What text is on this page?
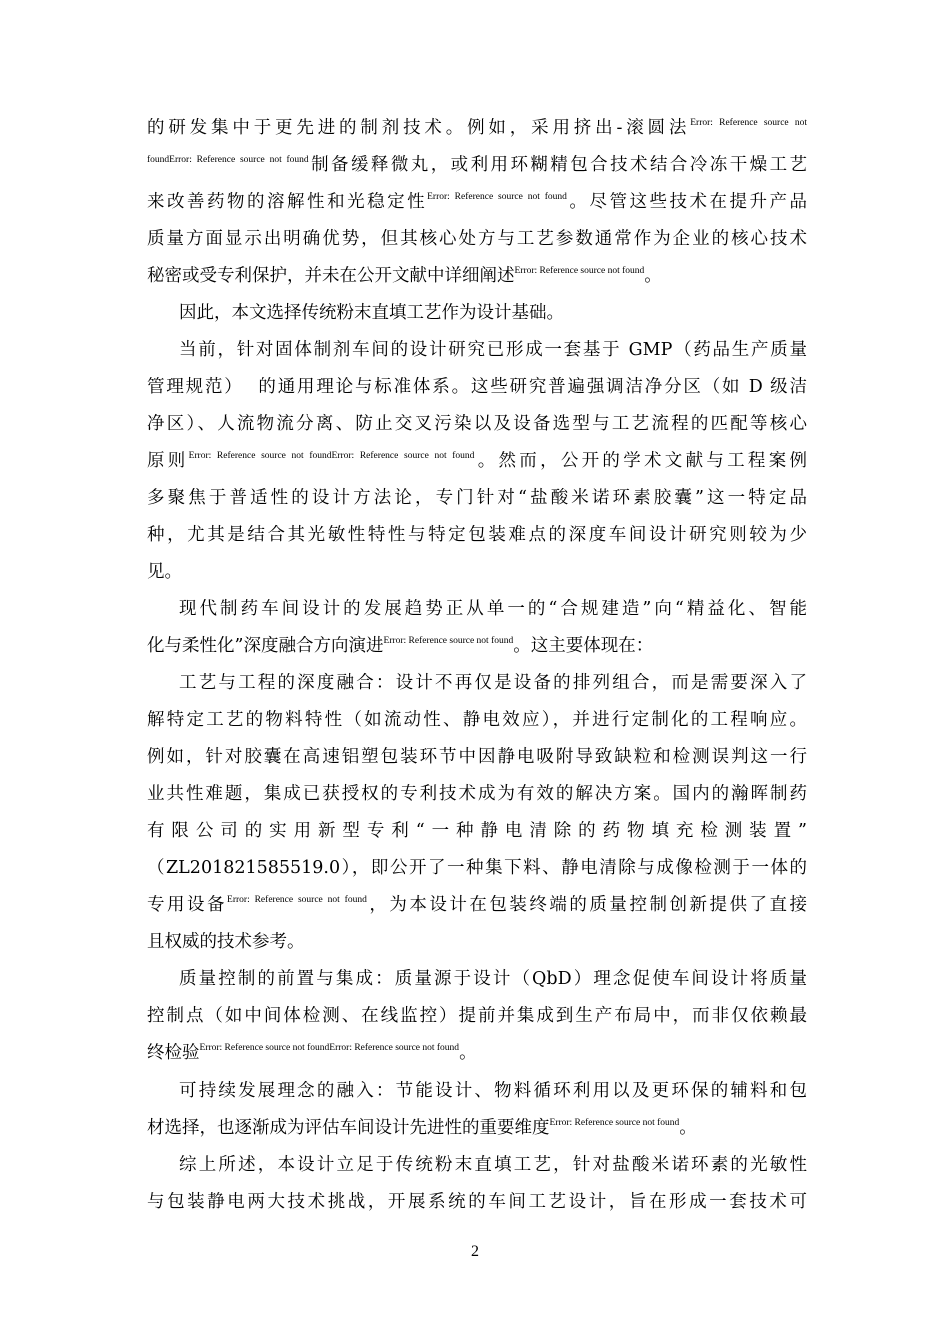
的研发集中于更先进的制剂技术。例如，采用挤出-滚圆法$^{Error: Reference source not}$
$^{foundError: Reference source not found}$制备缓释微丸，或利用环糊精包合技术结合冷冻干燥工艺
来改善药物的溶解性和光稳定性$^{Error: Reference source not found}$。尽管这些技术在提升产品
质量方面显示出明确优势，但其核心处方与工艺参数通常作为企业的核心技术
秘密或受专利保护，并未在公开文献中详细阐述$^{Error: Reference source not found}$。
因此，本文选择传统粉末直填工艺作为设计基础。
当前，针对固体制剂车间的设计研究已形成一套基于 GMP（药品生产质量
管理规范）  的通用理论与标准体系。这些研究普遍强调洁净分区（如 D 级洁
净区）、人流物流分离、防止交叉污染以及设备选型与工艺流程的匹配等核心
原则$^{Error: Reference source not foundError: Reference source not found}$。然而，公开的学术文献与工程案例
多聚焦于普适性的设计方法论，专门针对“盐酸米诺环素胶囊”这一特定品
种，尤其是结合其光敏性特性与特定包装难点的深度车间设计研究则较为少
见。
现代制药车间设计的发展趋势正从单一的“合规建造”向“精益化、智能
化与柔性化”深度融合方向演进$^{Error: Reference source not found}$。这主要体现在：
工艺与工程的深度融合：设计不再仅是设备的排列组合，而是需要深入了
解特定工艺的物料特性（如流动性、静电效应），并进行定制化的工程响应。
例如，针对胶囊在高速铝塑包装环节中因静电吸附导致缺粒和检测误判这一行
业共性难题，集成已获授权的专利技术成为有效的解决方案。国内的瀚晖制药
有限公司的实用新型专利“一种静电清除的药物填充检测装置”
（ZL201821585519.0），即公开了一种集下料、静电清除与成像检测于一体的
专用设备$^{Error: Reference source not found}$，为本设计在包装终端的质量控制创新提供了直接
且权威的技术参考。
质量控制的前置与集成：质量源于设计（QbD）理念促使车间设计将质量
控制点（如中间体检测、在线监控）提前并集成到生产布局中，而非仅依赖最
终检验$^{Error: Reference source not foundError: Reference source not found}$。
可持续发展理念的融入：节能设计、物料循环利用以及更环保的辅料和包
材选择，也逐渐成为评估车间设计先进性的重要维度$^{Error: Reference source not found}$。
综上所述，本设计立足于传统粉末直填工艺，针对盐酸米诺环素的光敏性
与包装静电两大技术挑战，开展系统的车间工艺设计，旨在形成一套技术可
2
